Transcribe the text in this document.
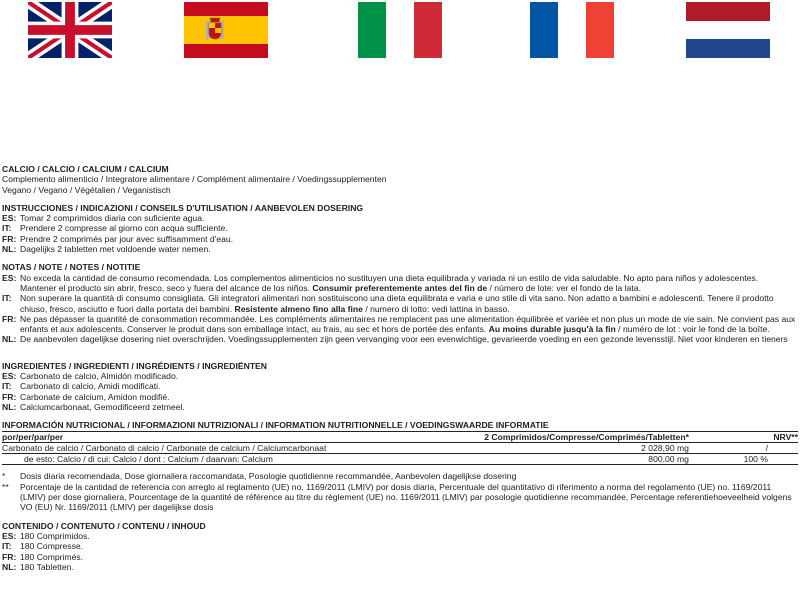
CALCIO / CALCIO / CALCIUM / CALCIUM

Complemento alimenticio / Integratore alimentare / Complément alimentaire / Voedingssupplementen

Vegano / Vegano / Végétalien / Veganistisch

INSTRUCCIONES / INDICAZIONI / CONSEILS D'UTILISATION / AANBEVOLEN DOSERING

ES: Tomar 2 comprimidos diaria con suficiente agua.
IT: Prendere 2 compresse al giorno con acqua sufficiente.
FR: Prendre 2 comprimés par jour avec suffisamment d'eau.
NL: Dagelijks 2 tabletten met voldoende water nemen.

NOTAS / NOTE / NOTES / NOTITIE

ES: No exceda la cantidad de consumo recomendada. Los complementos alimenticios no sustituyen una dieta equilibrada y variada ni un estilo de vida saludable. No apto para niños y adolescentes.
Mantener el producto sin abrir, fresco, seco y fuera del alcance de los niños. Consumir preferentemente antes del fin de / número de lote: ver el fondo de la lata.
IT: Non superare la quantità di consumo consigliata. Gli integratori alimentari non sostituiscono una dieta equilibrata e varia e uno stile di vita sano. Non adatto a bambini e adolescenti. Tenere il prodotto
chiuso, fresco, asciutto e fuori dalla portata dei bambini. Resistente almeno fino alla fine / numero di lotto: vedi lattina in basso.
FR: Ne pas dépasser la quantité de consommation recommandée. Les compléments alimentaires ne remplacent pas une alimentation équilibrée et variée et non plus un mode de vie sain. Ne convient pas aux
enfants et aux adolescents. Conserver le produit dans son emballage intact, au frais, au sec et hors de portée des enfants. Au moins durable jusqu'à la fin / numéro de lot : voir le fond de la boîte.
NL: De aanbevolen dagelijkse dosering niet overschrijden. Voedingssupplementen zijn geen vervanging voor een evenwichtige, gevarieerde voeding en een gezonde levensstijl. Niet voor kinderen en tieners

INGREDIENTES / INGREDIENTI / INGRÉDIENTS / INGREDIËNTEN

ES: Carbonato de calcio, Almidón modificado.
IT: Carbonato di calcio, Amidi modificati.
FR: Carbonate de calcium, Amidon modifié.
NL: Calciumcarbonaat, Gemodificeerd zetmeel.

INFORMACIÓN NUTRICIONAL / INFORMAZIONI NUTRIZIONALI / INFORMATION NUTRITIONNELLE / VOEDINGSWAARDE INFORMATIE

por/per/par/per	2 Comprimidos/Compresse/Comprimés/Tabletten*	NRV**
Carbonato de calcio / Carbonato di calcio / Carbonate de calcium / Calciumcarbonaat	2 028,90 mg	/
de esto: Calcio / di cui: Calcio / dont : Calcium / daarvan: Calcium	800,00 mg	100 %
*	Dosis diaria recomendada, Dose giornaliera raccomandata, Posologie quotidienne recommandée, Aanbevolen dagelijkse dosering
**	Porcentaje de la cantidad de referencia con arreglo al reglamento (UE) no. 1169/2011 (LMIV) por dosis diaria, Percentuale del quantitativo di riferimento a norma del regolamento (UE) no. 1169/2011
(LMIV) per dose giornaliera, Pourcentage de la quantité de référence au titre du règlement (UE) no. 1169/2011 (LMIV) par posologie quotidienne recommandée, Percentage referentiehoeveelheid volgens
VO (EU) Nr. 1169/2011 (LMIV) per dagelijkse dosis

CONTENIDO / CONTENUTO / CONTENU / INHOUD

ES: 180 Comprimidos.
IT: 180 Compresse.
FR: 180 Comprimés.
NL: 180 Tabletten.
